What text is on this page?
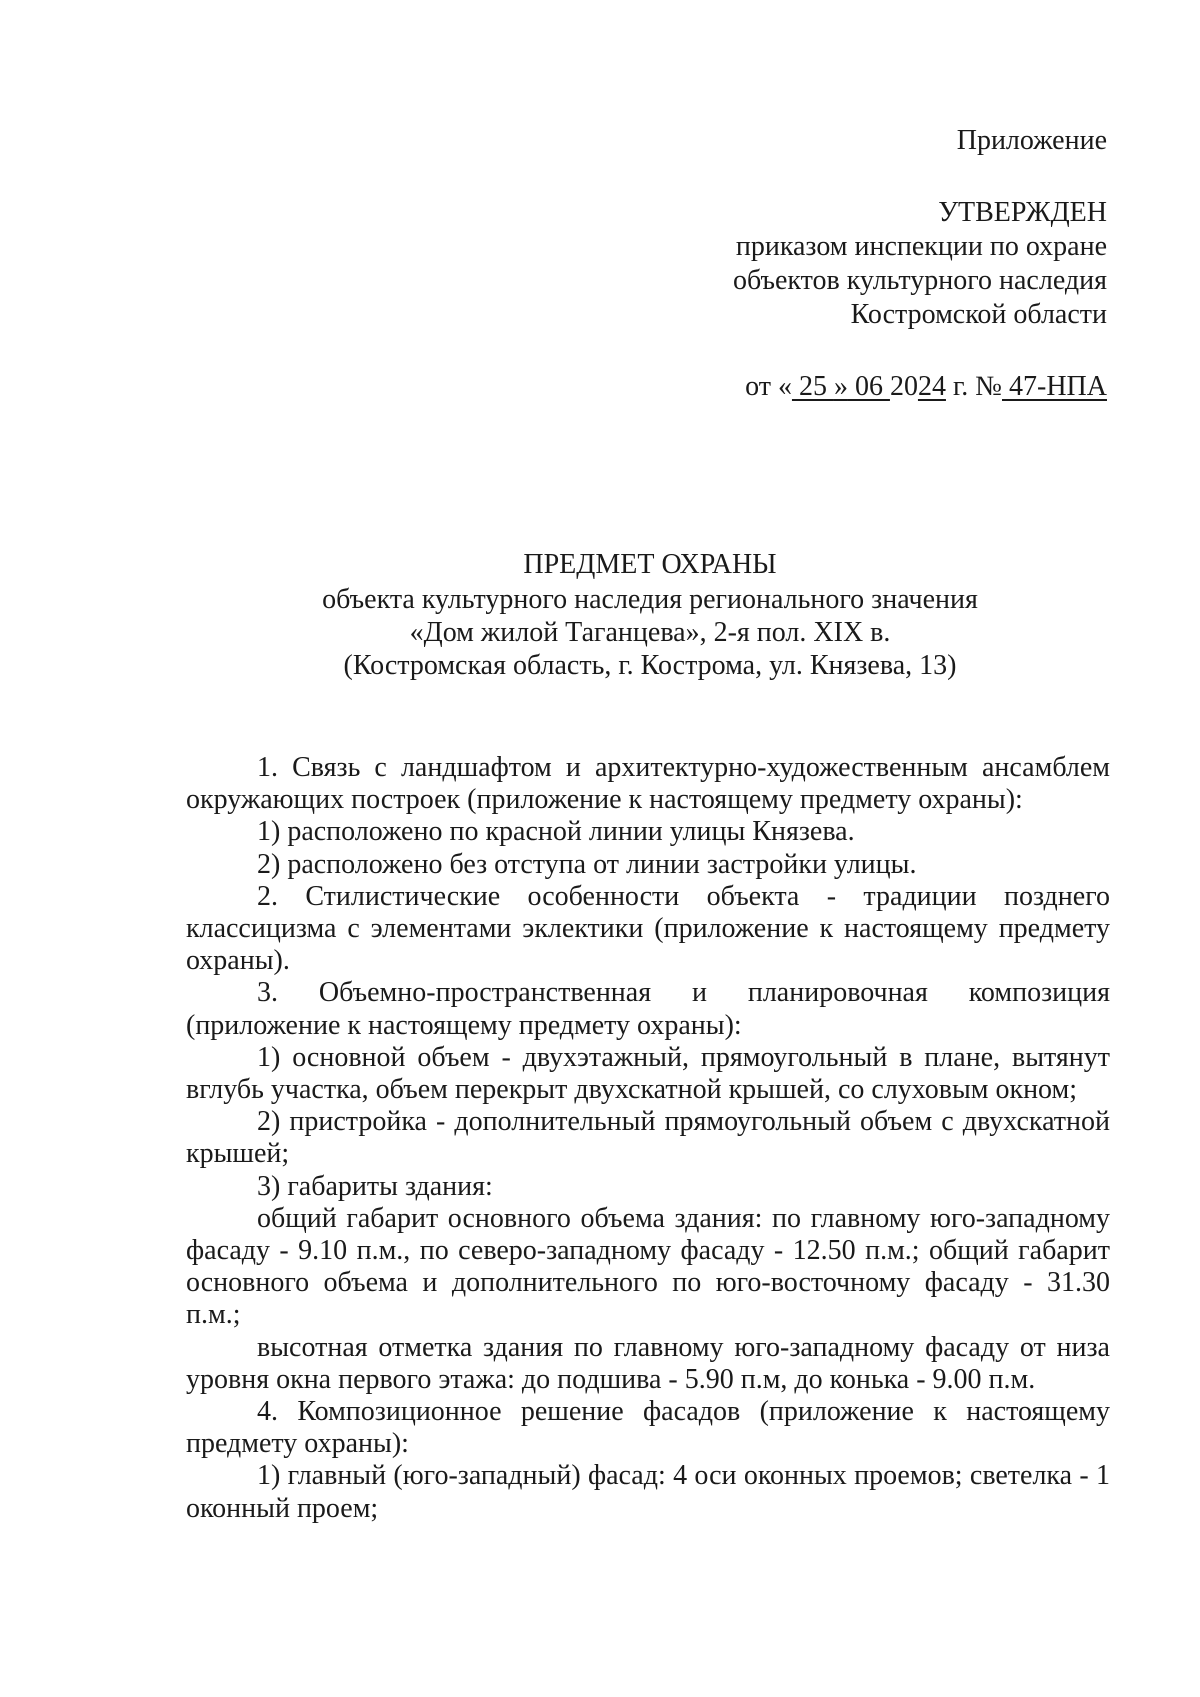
Приложение
УТВЕРЖДЕН
приказом инспекции по охране
объектов культурного наследия
Костромской области
от « 25 » 06 2024 г. № 47-НПА
ПРЕДМЕТ ОХРАНЫ
объекта культурного наследия регионального значения
«Дом жилой Таганцева», 2-я пол. XIX в.
(Костромская область, г. Кострома, ул. Князева, 13)

1. Связь с ландшафтом и архитектурно-художественным ансамблем окружающих построек (приложение к настоящему предмету охраны):

1) расположено по красной линии улицы Князева.

2) расположено без отступа от линии застройки улицы.

2. Стилистические особенности объекта - традиции позднего классицизма с элементами эклектики (приложение к настоящему предмету охраны).

3. Объемно-пространственная и планировочная композиция (приложение к настоящему предмету охраны):

1) основной объем - двухэтажный, прямоугольный в плане, вытянут вглубь участка, объем перекрыт двухскатной крышей, со слуховым окном;

2) пристройка - дополнительный прямоугольный объем с двухскатной крышей;

3) габариты здания:

общий габарит основного объема здания: по главному юго-западному фасаду - 9.10 п.м., по северо-западному фасаду - 12.50 п.м.; общий габарит основного объема и дополнительного по юго-восточному фасаду - 31.30 п.м.;

высотная отметка здания по главному юго-западному фасаду от низа уровня окна первого этажа: до подшива - 5.90 п.м, до конька - 9.00 п.м.

4. Композиционное решение фасадов (приложение к настоящему предмету охраны):

1) главный (юго-западный) фасад: 4 оси оконных проемов; светелка - 1 оконный проем;
